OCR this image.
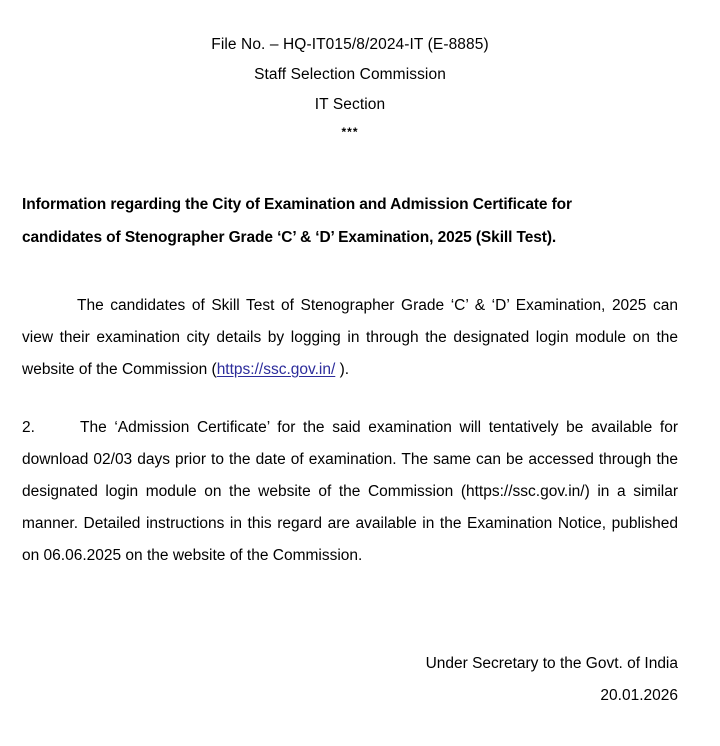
File No. – HQ-IT015/8/2024-IT (E-8885)
Staff Selection Commission
IT Section
***
Information regarding the City of Examination and Admission Certificate for
candidates of Stenographer Grade ‘C’ & ‘D’ Examination, 2025 (Skill Test).

The candidates of Skill Test of Stenographer Grade ‘C’ & ‘D’ Examination, 2025 can view their examination city details by logging in through the designated login module on the website of the Commission (https://ssc.gov.in/ ).

2.	The ‘Admission Certificate’ for the said examination will tentatively be available for download 02/03 days prior to the date of examination. The same can be accessed through the designated login module on the website of the Commission (https://ssc.gov.in/) in a similar manner. Detailed instructions in this regard are available in the Examination Notice, published on 06.06.2025 on the website of the Commission.

Under Secretary to the Govt. of India
20.01.2026
